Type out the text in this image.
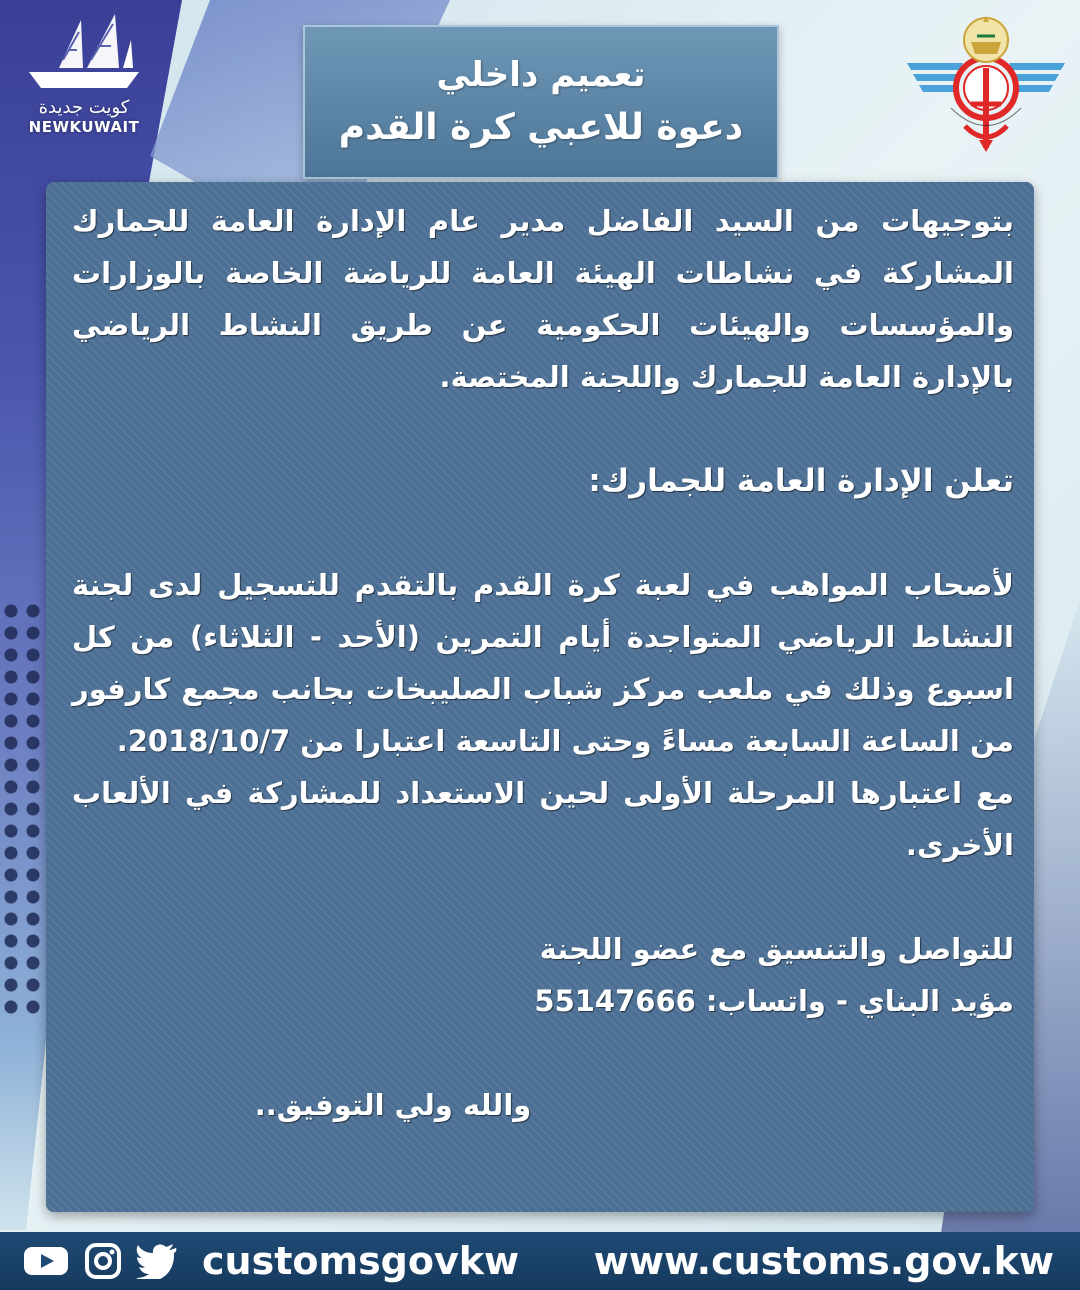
كويت جديدة
NEWKUWAIT
تعميم داخلي
دعوة للاعبي كرة القدم

بتوجيهات من السيد الفاضل مدير عام الإدارة العامة للجمارك المشاركة في نشاطات الهيئة العامة للرياضة الخاصة بالوزارات والمؤسسات والهيئات الحكومية عن طريق النشاط الرياضي بالإدارة العامة للجمارك واللجنة المختصة.

تعلن الإدارة العامة للجمارك:

لأصحاب المواهب في لعبة كرة القدم بالتقدم للتسجيل لدى لجنة النشاط الرياضي المتواجدة أيام التمرين (الأحد - الثلاثاء) من كل اسبوع وذلك في ملعب مركز شباب الصليبخات بجانب مجمع كارفور من الساعة السابعة مساءً وحتى التاسعة اعتبارا من 2018/10/7.

مع اعتبارها المرحلة الأولى لحين الاستعداد للمشاركة في الألعاب الأخرى.

للتواصل والتنسيق مع عضو اللجنة

مؤيد البناي - واتساب: 55147666

والله ولي التوفيق..

customsgovkw www.customs.gov.kw
